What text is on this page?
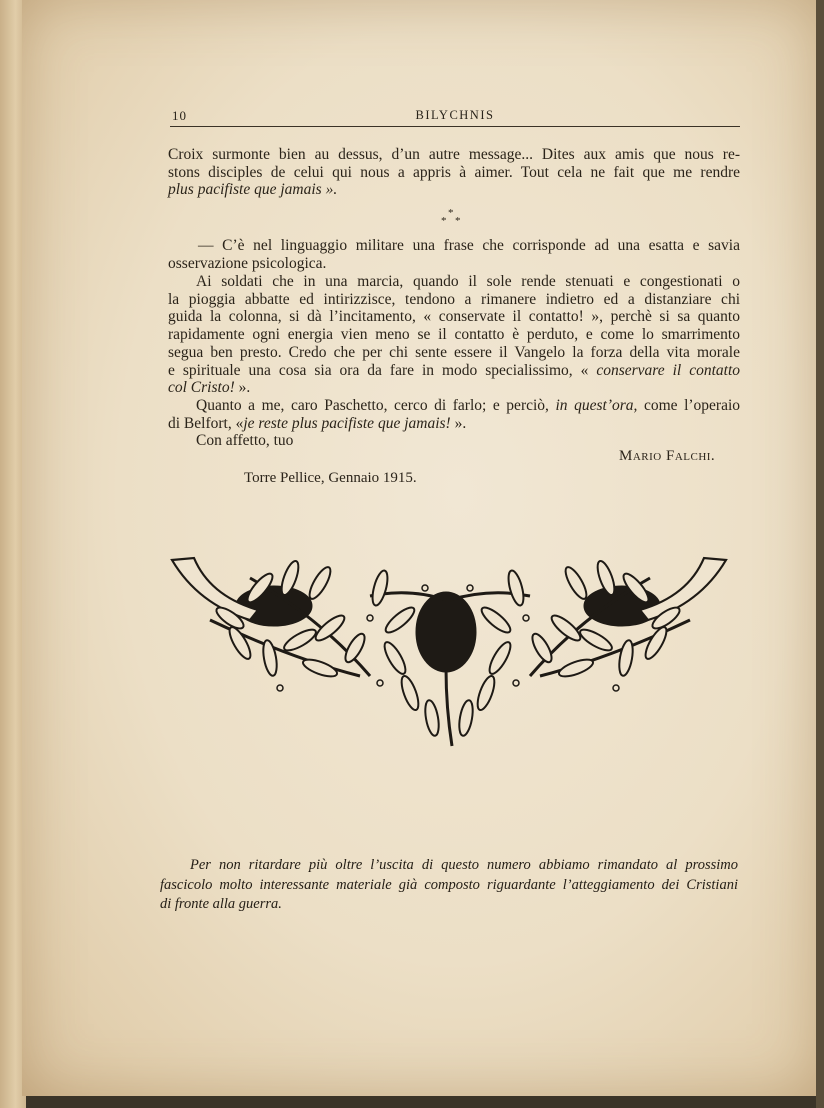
10	BILYCHNIS
Croix surmonte bien au dessus, d’un autre message... Dites aux amis que nous re-
stons disciples de celui qui nous a appris à aimer. Tout cela ne fait que me rendre
plus pacifiste que jamais ».
*
* *
— C’è nel linguaggio militare una frase che corrisponde ad una esatta e savia
osservazione psicologica.
Ai soldati che in una marcia, quando il sole rende stenuati e congestionati o
la pioggia abbatte ed intirizzisce, tendono a rimanere indietro ed a distanziare chi
guida la colonna, si dà l’incitamento, « conservate il contatto! », perchè si sa quanto
rapidamente ogni energia vien meno se il contatto è perduto, e come lo smarrimento
segua ben presto. Credo che per chi sente essere il Vangelo la forza della vita morale
e spirituale una cosa sia ora da fare in modo specialissimo, « conservare il contatto
col Cristo! ».
Quanto a me, caro Paschetto, cerco di farlo; e perciò, in quest’ora, come l’operaio
di Belfort, «je reste plus pacifiste que jamais! ».
Con affetto, tuo
Mario Falchi.
Torre Pellice, Gennaio 1915.
Per non ritardare più oltre l’uscita di questo numero abbiamo rimandato al prossimo
fascicolo molto interessante materiale già composto riguardante l’atteggiamento dei Cristiani
di fronte alla guerra.
